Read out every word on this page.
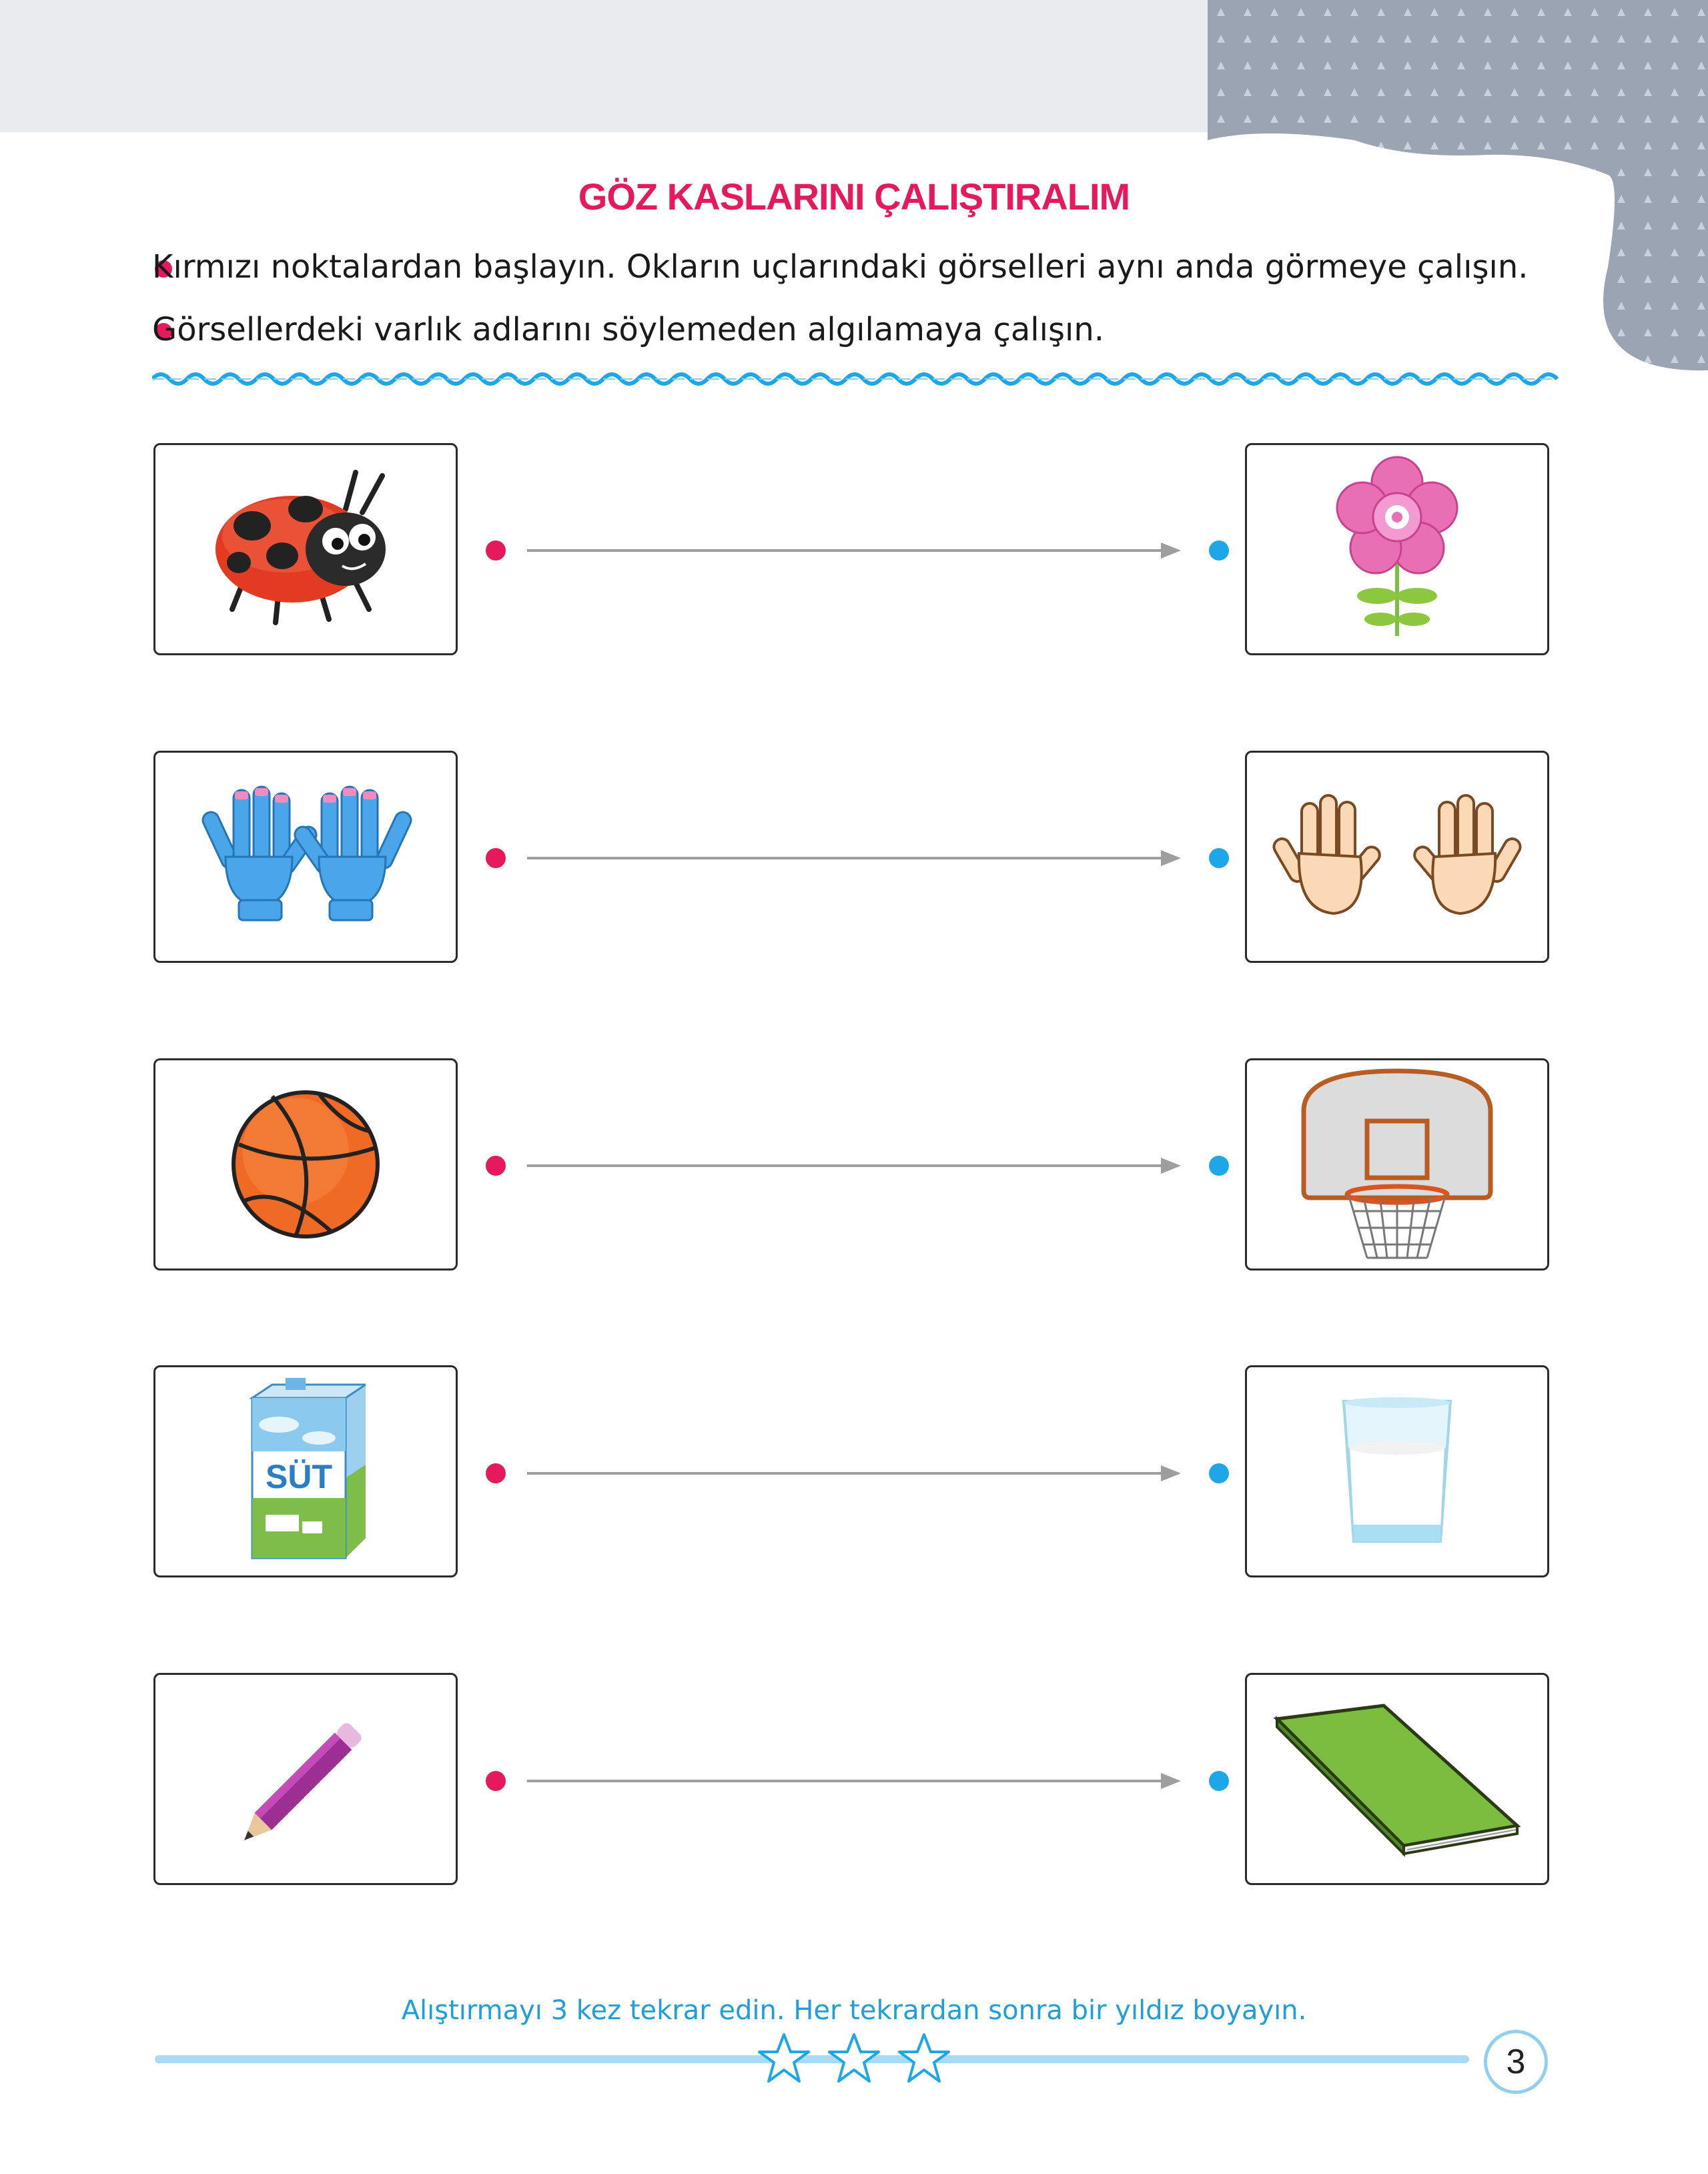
GÖZ KASLARINI ÇALIŞTIRALIM
Kırmızı noktalardan başlayın. Okların uçlarındaki görselleri aynı anda görmeye çalışın.
Görsellerdeki varlık adlarını söylemeden algılamaya çalışın.
SÜT
Alıştırmayı 3 kez tekrar edin. Her tekrardan sonra bir yıldız boyayın.
3
